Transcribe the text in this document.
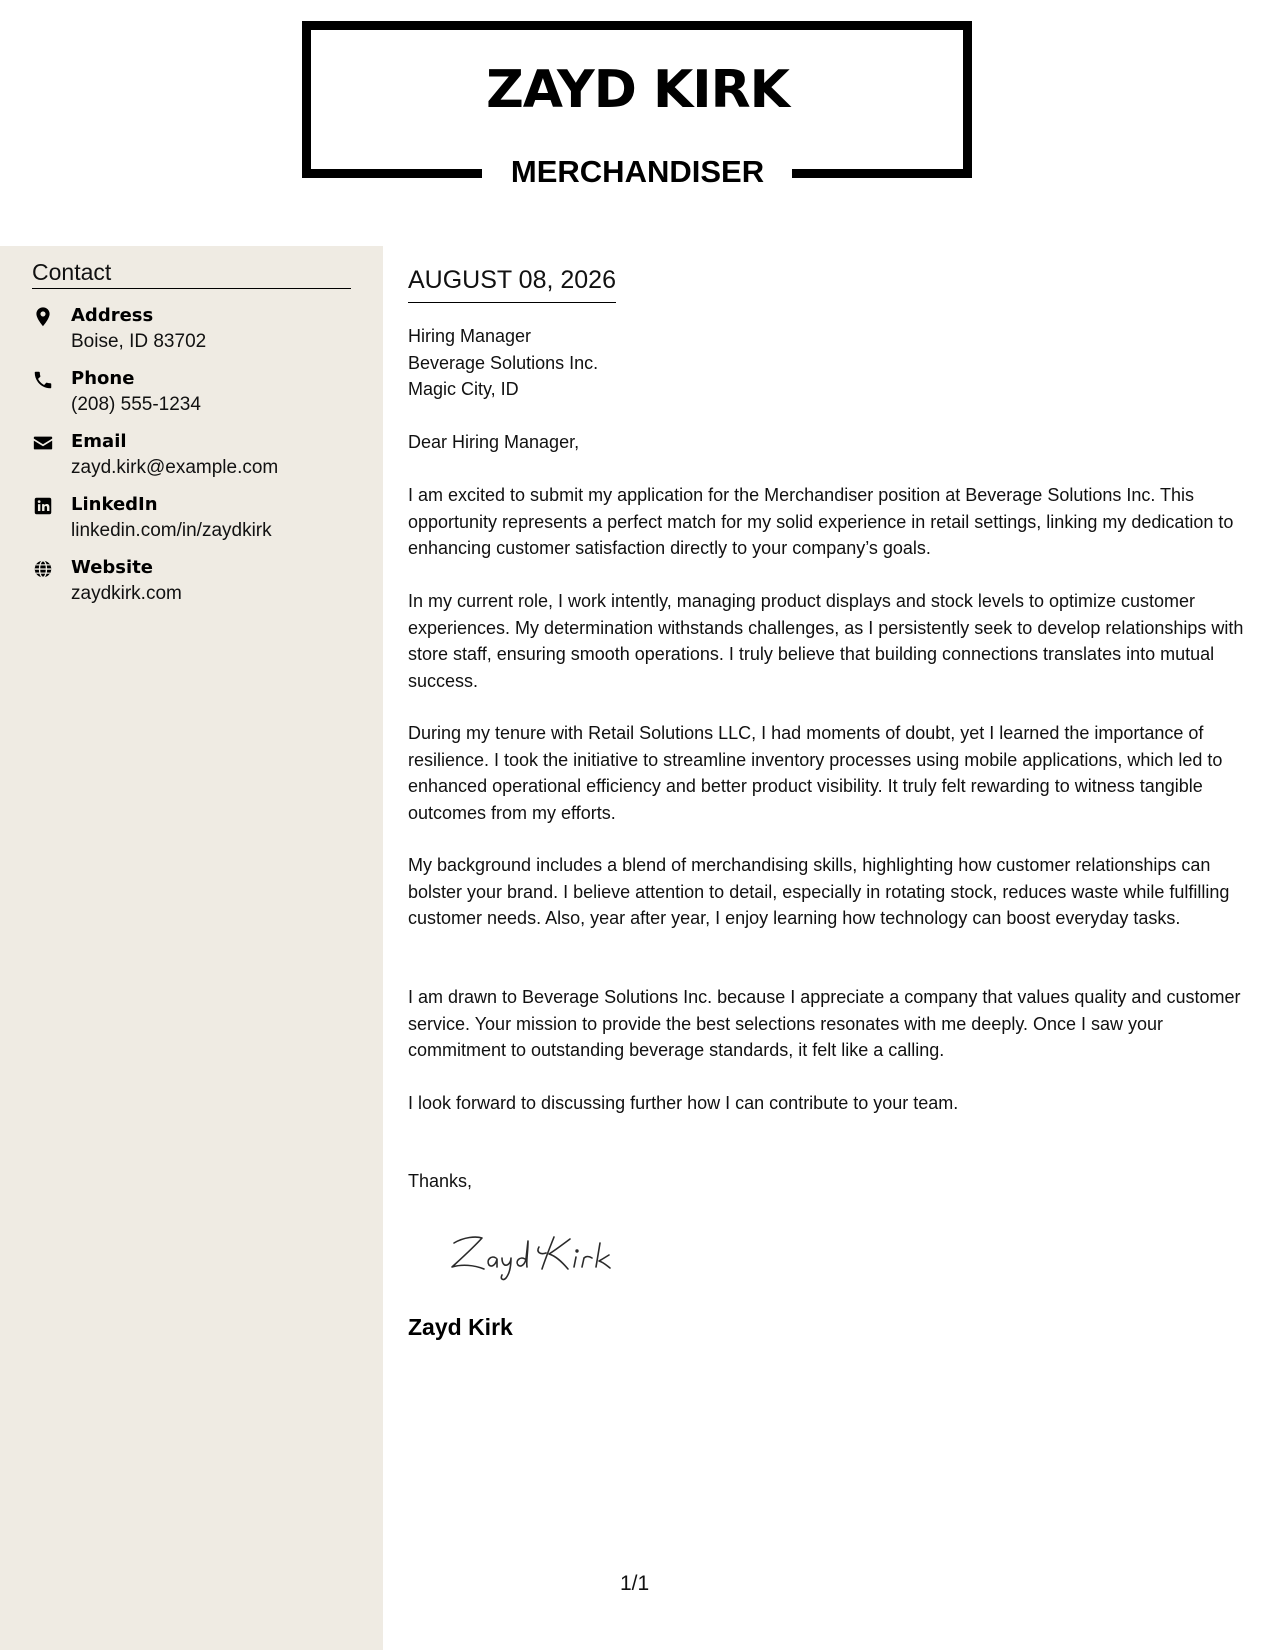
ZAYD KIRK
MERCHANDISER
Contact
Address
Boise, ID 83702
Phone
(208) 555-1234
Email
zayd.kirk@example.com
LinkedIn
linkedin.com/in/zaydkirk
Website
zaydkirk.com
AUGUST 08, 2026
Hiring Manager
Beverage Solutions Inc.
Magic City, ID

Dear Hiring Manager,

I am excited to submit my application for the Merchandiser position at Beverage Solutions Inc. This opportunity represents a perfect match for my solid experience in retail settings, linking my dedication to enhancing customer satisfaction directly to your company’s goals.

In my current role, I work intently, managing product displays and stock levels to optimize customer experiences. My determination withstands challenges, as I persistently seek to develop relationships with store staff, ensuring smooth operations. I truly believe that building connections translates into mutual success.

During my tenure with Retail Solutions LLC, I had moments of doubt, yet I learned the importance of resilience. I took the initiative to streamline inventory processes using mobile applications, which led to enhanced operational efficiency and better product visibility. It truly felt rewarding to witness tangible outcomes from my efforts.

My background includes a blend of merchandising skills, highlighting how customer relationships can bolster your brand. I believe attention to detail, especially in rotating stock, reduces waste while fulfilling customer needs. Also, year after year, I enjoy learning how technology can boost everyday tasks.

I am drawn to Beverage Solutions Inc. because I appreciate a company that values quality and customer service. Your mission to provide the best selections resonates with me deeply. Once I saw your commitment to outstanding beverage standards, it felt like a calling.

I look forward to discussing further how I can contribute to your team.

Thanks,

Zayd Kirk
1/1
